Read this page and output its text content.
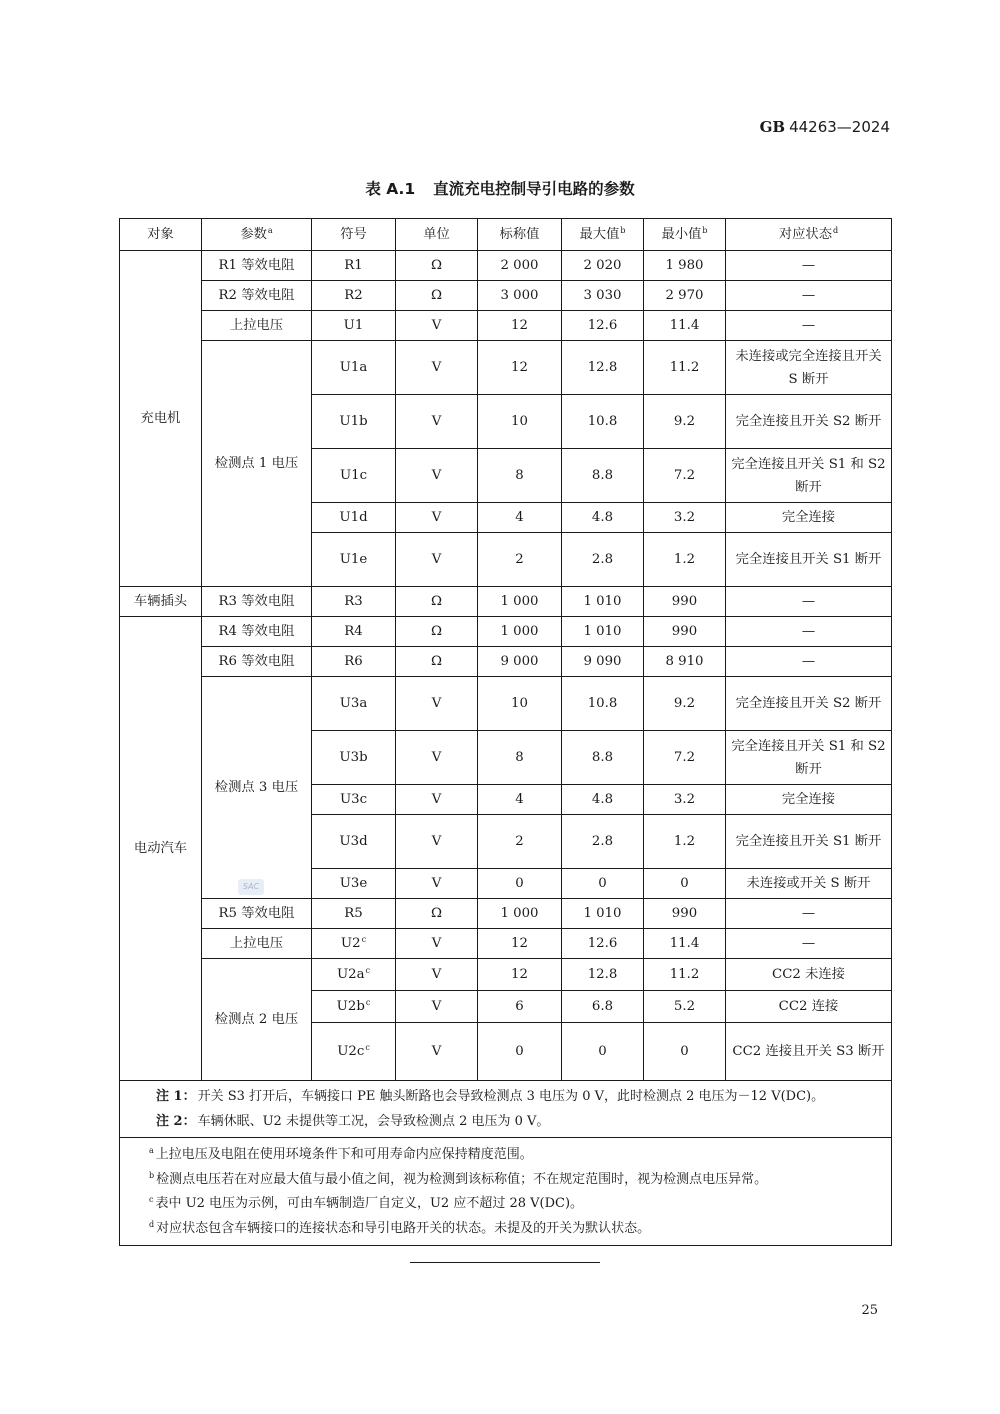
GB 44263—2024
表 A.1 直流充电控制导引电路的参数
对象	参数$^a$	符号	单位	标称值	最大值$^b$	最小值$^b$	对应状态$^d$
充电机	R1 等效电阻	R1	Ω	2 000	2 020	1 980	—
	R2 等效电阻	R2	Ω	3 000	3 030	2 970	—
	上拉电压	U1	V	12	12.6	11.4	—
	检测点 1 电压	U1a	V	12	12.8	11.2	未连接或完全连接且开关 S 断开
		U1b	V	10	10.8	9.2	完全连接且开关 S2 断开
		U1c	V	8	8.8	7.2	完全连接且开关 S1 和 S2 断开
		U1d	V	4	4.8	3.2	完全连接
		U1e	V	2	2.8	1.2	完全连接且开关 S1 断开
车辆插头	R3 等效电阻	R3	Ω	1 000	1 010	990	—
电动汽车	R4 等效电阻	R4	Ω	1 000	1 010	990	—
	R6 等效电阻	R6	Ω	9 000	9 090	8 910	—
	检测点 3 电压	U3a	V	10	10.8	9.2	完全连接且开关 S2 断开
		U3b	V	8	8.8	7.2	完全连接且开关 S1 和 S2 断开
		U3c	V	4	4.8	3.2	完全连接
		U3d	V	2	2.8	1.2	完全连接且开关 S1 断开
		U3e	V	0	0	0	未连接或开关 S 断开
	R5 等效电阻	R5	Ω	1 000	1 010	990	—
	上拉电压	U2$^c$	V	12	12.6	11.4	—
	检测点 2 电压	$U2a^c$	V	12	12.8	11.2	CC2 未连接
		$U2b^c$	V	6	6.8	5.2	CC2 连接
		$U2c^c$	V	0	0	0	CC2 连接且开关 S3 断开

注 1： 开关 S3 打开后，车辆接口 PE 触头断路也会导致检测点 3 电压为 0 V，此时检测点 2 电压为－12 V(DC)。
注 2： 车辆休眠、U2 未提供等工况，会导致检测点 2 电压为 0 V。							

$^a$ 上拉电压及电阻在使用环境条件下和可用寿命内应保持精度范围。
$^b$ 检测点电压若在对应最大值与最小值之间，视为检测到该标称值；不在规定范围时，视为检测点电压异常。
$^c$ 表中 U2 电压为示例，可由车辆制造厂自定义，U2 应不超过 28 V(DC)。
$^d$ 对应状态包含车辆接口的连接状态和导引电路开关的状态。未提及的开关为默认状态。							
SAC
25
